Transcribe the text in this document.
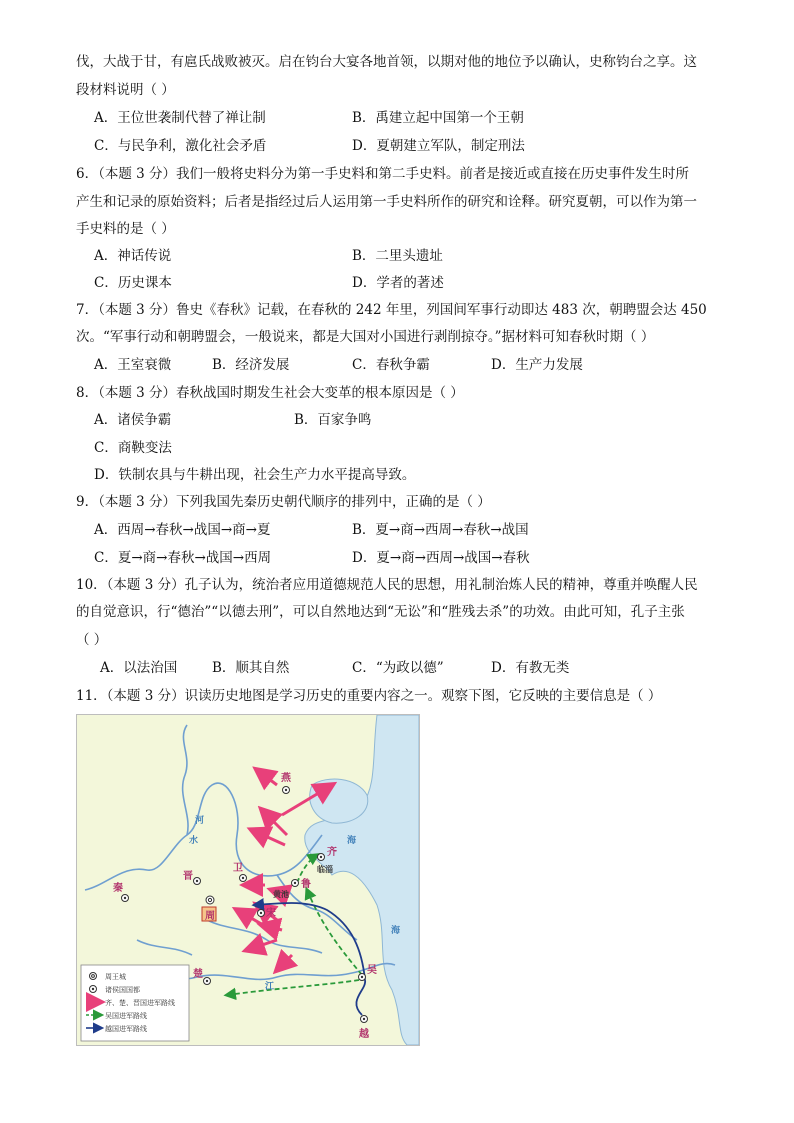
伐，大战于甘，有扈氏战败被灭。启在钧台大宴各地首领，以期对他的地位予以确认，史称钧台之享。这
段材料说明（ ）
A．王位世袭制代替了禅让制	B．禹建立起中国第一个王朝
C．与民争利，激化社会矛盾	D．夏朝建立军队，制定刑法
6．（本题 3 分）我们一般将史料分为第一手史料和第二手史料。前者是接近或直接在历史事件发生时所
产生和记录的原始资料；后者是指经过后人运用第一手史料所作的研究和诠释。研究夏朝，可以作为第一
手史料的是（ ）
A．神话传说	B．二里头遗址
C．历史课本	D．学者的著述
7．（本题 3 分）鲁史《春秋》记载，在春秋的 242 年里，列国间军事行动即达 483 次，朝聘盟会达 450
次。“军事行动和朝聘盟会，一般说来，都是大国对小国进行剥削掠夺。”据材料可知春秋时期（ ）
A．王室衰微	B．经济发展	C．春秋争霸	D．生产力发展
8．（本题 3 分）春秋战国时期发生社会大变革的根本原因是（ ）
A．诸侯争霸	B．百家争鸣
C．商鞅变法
D．铁制农具与牛耕出现，社会生产力水平提高导致。
9．（本题 3 分）下列我国先秦历史朝代顺序的排列中，正确的是（ ）
A．西周→春秋→战国→商→夏	B．夏→商→西周→春秋→战国
C．夏→商→春秋→战国→西周	D．夏→商→西周→战国→春秋
10．（本题 3 分）孔子认为，统治者应用道德规范人民的思想，用礼制治炼人民的精神，尊重并唤醒人民
的自觉意识，行“德治”“以德去刑”，可以自然地达到“无讼”和“胜残去杀”的功效。由此可知，孔子主张
（ ）
A．以法治国	B．顺其自然	C．“为政以德”	D．有教无类
11．（本题 3 分）识读历史地图是学习历史的重要内容之一。观察下图，它反映的主要信息是（ ）
燕
齐
卫
晋
秦	鲁
宋
周
楚	吴
越
临淄
黄池
河
水
江
海
海
周王城
诸侯国国都
齐、楚、晋国进军路线
吴国进军路线
越国进军路线
